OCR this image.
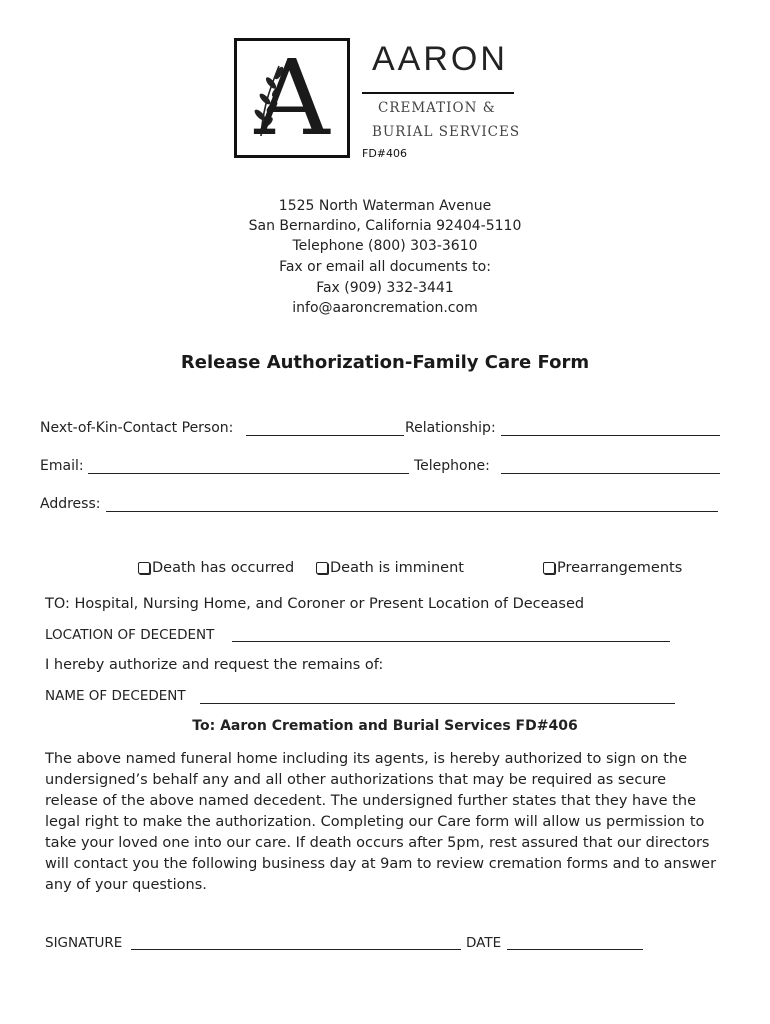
A	AARON
CREMATION &
BURIAL SERVICES
FD#406
1525 North Waterman Avenue
San Bernardino, California 92404-5110
Telephone (800) 303-3610
Fax or email all documents to:
Fax (909) 332-3441
info@aaroncremation.com
Release Authorization-Family Care Form
Next-of-Kin-Contact Person:	Relationship:
Email:	Telephone:
Address:
Death has occurred	Death is imminent	Prearrangements
TO: Hospital, Nursing Home, and Coroner or Present Location of Deceased
LOCATION OF DECEDENT
I hereby authorize and request the remains of:
NAME OF DECEDENT
To: Aaron Cremation and Burial Services FD#406
The above named funeral home including its agents, is hereby authorized to sign on the
undersigned’s behalf any and all other authorizations that may be required as secure
release of the above named decedent. The undersigned further states that they have the
legal right to make the authorization. Completing our Care form will allow us permission to
take your loved one into our care. If death occurs after 5pm, rest assured that our directors
will contact you the following business day at 9am to review cremation forms and to answer
any of your questions.
SIGNATURE	DATE
